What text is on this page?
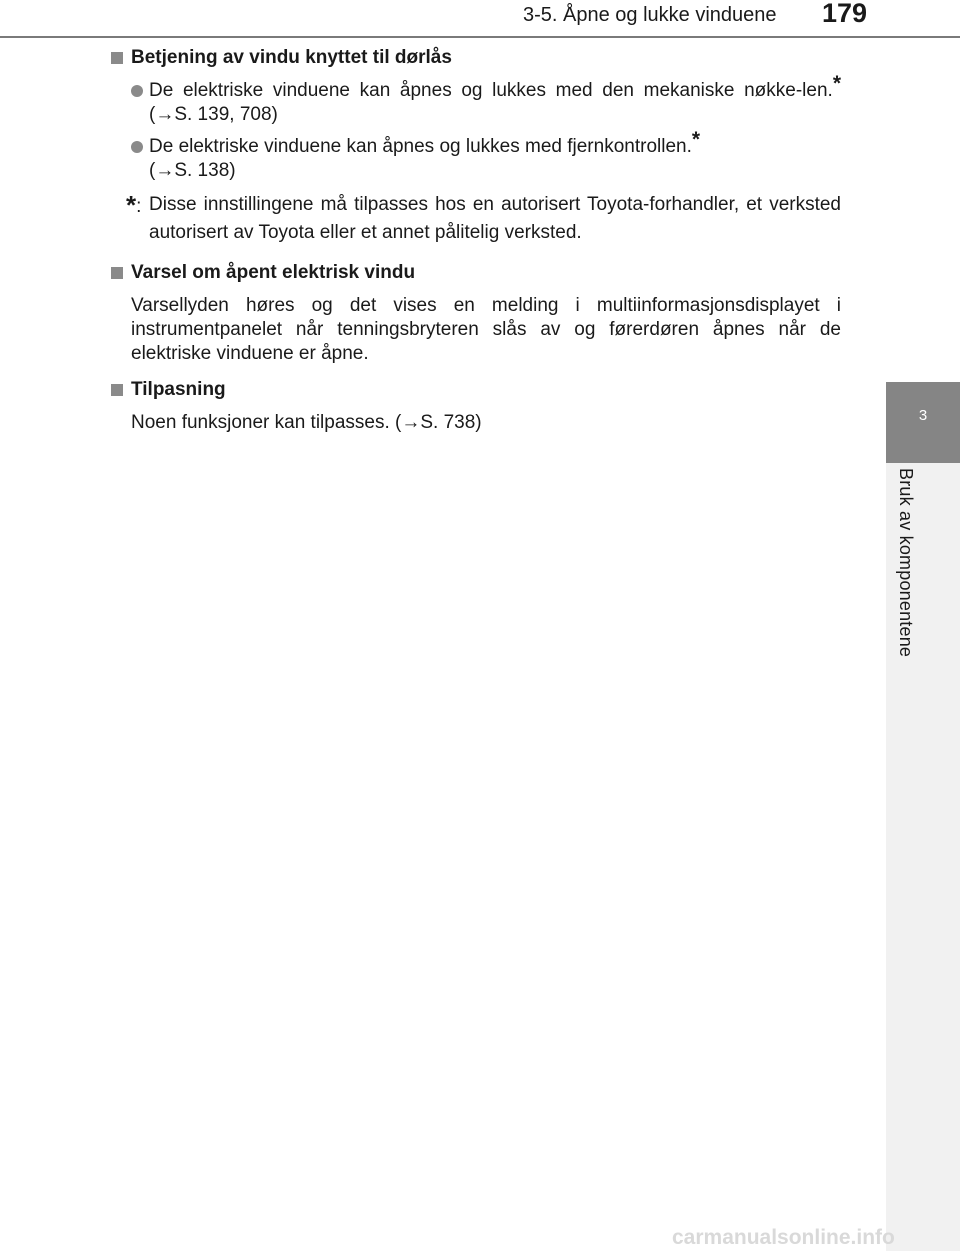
3-5. Åpne og lukke vinduene 179
3
Bruk av komponentene
Betjening av vindu knyttet til dørlås
De elektriske vinduene kan åpnes og lukkes med den mekaniske nøkke-len.* (→S. 139, 708)
De elektriske vinduene kan åpnes og lukkes med fjernkontrollen.*
(→S. 138)
*: Disse innstillingene må tilpasses hos en autorisert Toyota-forhandler, et verksted autorisert av Toyota eller et annet pålitelig verksted.
Varsel om åpent elektrisk vindu
Varsellyden høres og det vises en melding i multiinformasjonsdisplayet i instrumentpanelet når tenningsbryteren slås av og førerdøren åpnes når de elektriske vinduene er åpne.
Tilpasning
Noen funksjoner kan tilpasses. (→S. 738)
carmanualsonline.info
